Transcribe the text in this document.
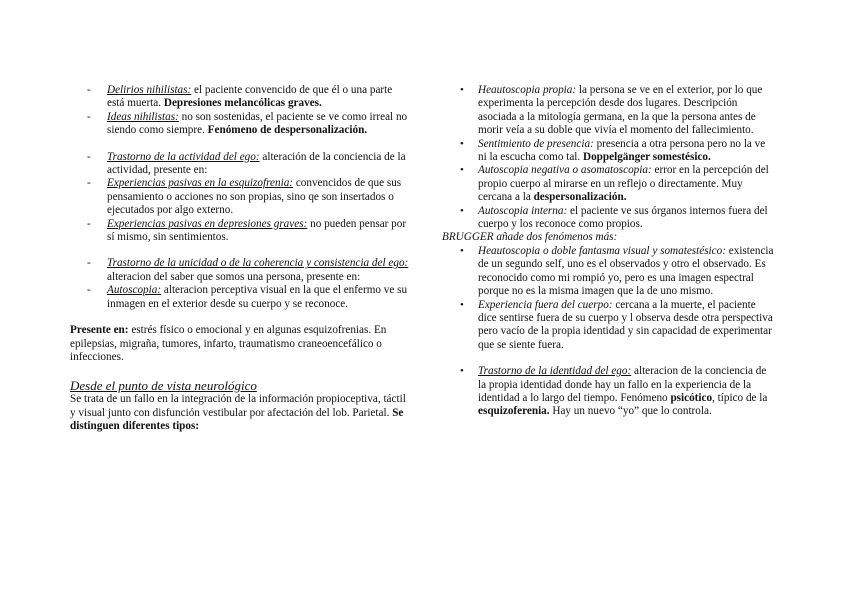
- Delirios nihilistas: el paciente convencido de que él o una parte está muerta. Depresiones melancólicas graves.
- Ideas nihilistas: no son sostenidas, el paciente se ve como irreal no siendo como siempre. Fenómeno de despersonalización.
- Trastorno de la actividad del ego: alteración de la conciencia de la actividad, presente en:
- Experiencias pasivas en la esquizofrenia: convencidos de que sus pensamiento o acciones no son propias, sino qe son insertados o ejecutados por algo externo.
- Experiencias pasivas en depresiones graves: no pueden pensar por sí mismo, sin sentimientos.
- Trastorno de la unicidad o de la coherencia y consistencia del ego: alteracion del saber que somos una persona, presente en:
- Autoscopia: alteracion perceptiva visual en la que el enfermo ve su inmagen en el exterior desde su cuerpo y se reconoce.

Presente en: estrés físico o emocional y en algunas esquizofrenias. En epilepsias, migraña, tumores, infarto, traumatismo craneoencefálico o infecciones.

Desde el punto de vista neurológico

Se trata de un fallo en la integración de la información propioceptiva, táctil y visual junto con disfunción vestibular por afectación del lob. Parietal. Se distinguen diferentes tipos:

• Heautoscopia propia: la persona se ve en el exterior, por lo que experimenta la percepción desde dos lugares. Descripción asociada a la mitología germana, en la que la persona antes de morir veía a su doble que vivía el momento del fallecimiento.
• Sentimiento de presencia: presencia a otra persona pero no la ve ni la escucha como tal. Doppelgänger somestésico.
• Autoscopia negativa o asomatoscopia: error en la percepción del propio cuerpo al mirarse en un reflejo o directamente. Muy cercana a la despersonalización.
• Autoscopia interna: el paciente ve sus órganos internos fuera del cuerpo y los reconoce como propios.

BRUGGER añade dos fenómenos más:

• Heautoscopia o doble fantasma visual y somatestésico: existencia de un segundo self, uno es el observados y otro el observado. Es reconocido como mi rompió yo, pero es una imagen espectral porque no es la misma imagen que la de uno mismo.
• Experiencia fuera del cuerpo: cercana a la muerte, el paciente dice sentirse fuera de su cuerpo y l observa desde otra perspectiva pero vacío de la propia identidad y sin capacidad de experimentar que se siente fuera.
• Trastorno de la identidad del ego: alteracion de la conciencia de la propia identidad donde hay un fallo en la experiencia de la identidad a lo largo del tiempo. Fenómeno psicótico, típico de la esquizoferenia. Hay un nuevo “yo” que lo controla.
